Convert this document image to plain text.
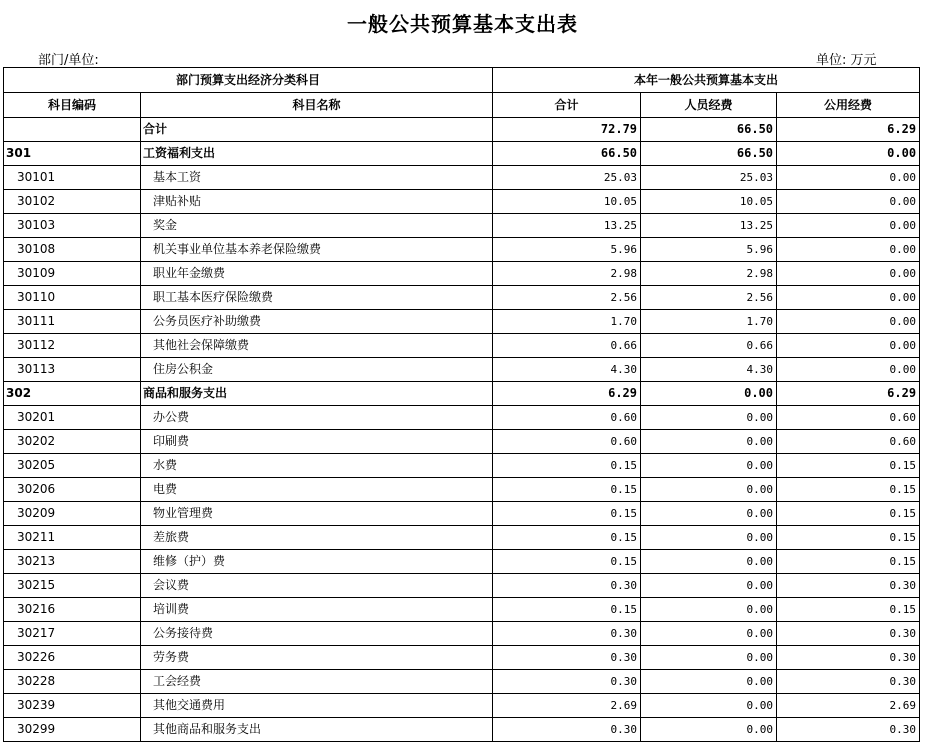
一般公共预算基本支出表
部门/单位:	单位: 万元
部门预算支出经济分类科目		本年一般公共预算基本支出		
科目编码	科目名称	合计	人员经费	公用经费
	合计	72.79	66.50	6.29
301	工资福利支出	66.50	66.50	0.00
30101	基本工资	25.03	25.03	0.00
30102	津贴补贴	10.05	10.05	0.00
30103	奖金	13.25	13.25	0.00
30108	机关事业单位基本养老保险缴费	5.96	5.96	0.00
30109	职业年金缴费	2.98	2.98	0.00
30110	职工基本医疗保险缴费	2.56	2.56	0.00
30111	公务员医疗补助缴费	1.70	1.70	0.00
30112	其他社会保障缴费	0.66	0.66	0.00
30113	住房公积金	4.30	4.30	0.00
302	商品和服务支出	6.29	0.00	6.29
30201	办公费	0.60	0.00	0.60
30202	印刷费	0.60	0.00	0.60
30205	水费	0.15	0.00	0.15
30206	电费	0.15	0.00	0.15
30209	物业管理费	0.15	0.00	0.15
30211	差旅费	0.15	0.00	0.15
30213	维修（护）费	0.15	0.00	0.15
30215	会议费	0.30	0.00	0.30
30216	培训费	0.15	0.00	0.15
30217	公务接待费	0.30	0.00	0.30
30226	劳务费	0.30	0.00	0.30
30228	工会经费	0.30	0.00	0.30
30239	其他交通费用	2.69	0.00	2.69
30299	其他商品和服务支出	0.30	0.00	0.30
